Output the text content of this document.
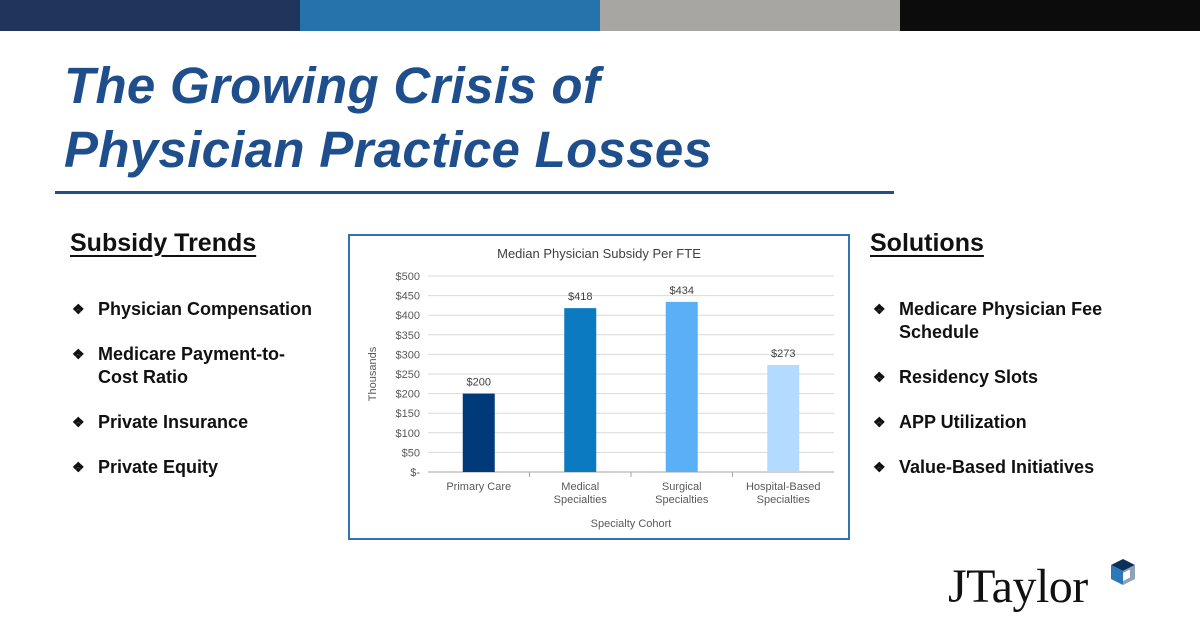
The Growing Crisis of
Physician Practice Losses
Subsidy Trends
❖ Physician Compensation
❖ Medicare Payment-to-
Cost Ratio
❖ Private Insurance
❖ Private Equity
Median Physician Subsidy Per FTE
$-
$50
$100
$150
$200
$250
$300
$350
$400
$450
$500
Thousands	$200
Primary Care
$418
Medical
Specialties
$434
Surgical
Specialties
$273
Hospital-Based
Specialties
Specialty Cohort
Solutions
❖ Medicare Physician Fee
Schedule
❖ Residency Slots
❖ APP Utilization
❖ Value-Based Initiatives
JTaylor
